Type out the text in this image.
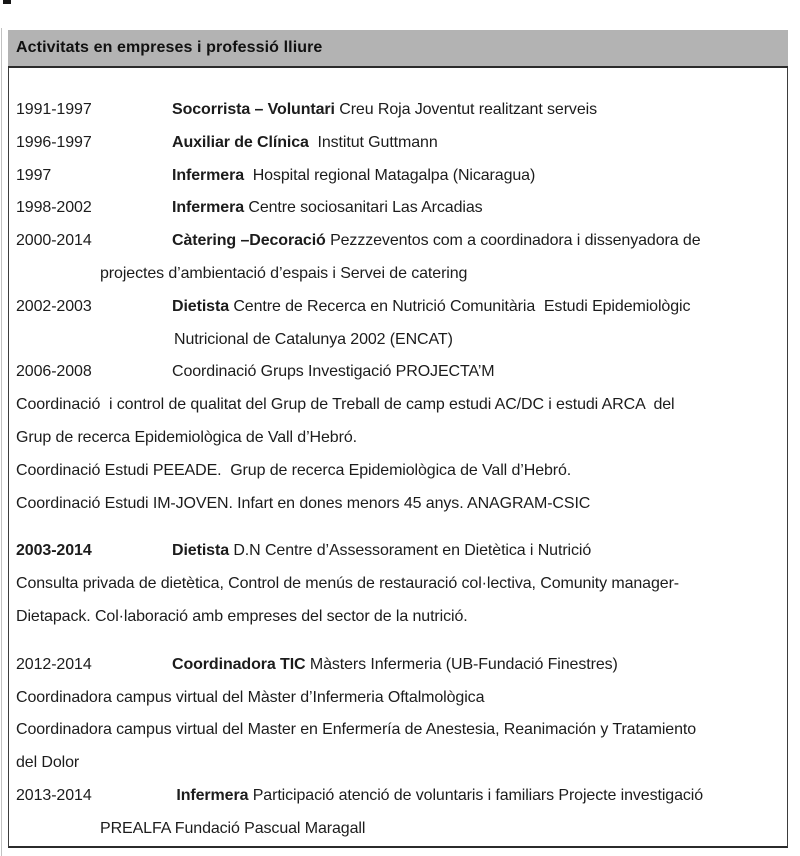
Activitats en empreses i professió lliure
1991-1997	Socorrista – Voluntari Creu Roja Joventut realitzant serveis
1996-1997	Auxiliar de Clínica  Institut Guttmann
1997	Infermera  Hospital regional Matagalpa (Nicaragua)
1998-2002	Infermera Centre sociosanitari Las Arcadias
2000-2014	Càtering –Decoració Pezzzeventos com a coordinadora i dissenyadora de
projectes d’ambientació d’espais i Servei de catering
2002-2003	Dietista Centre de Recerca en Nutrició Comunitària  Estudi Epidemiològic
Nutricional de Catalunya 2002 (ENCAT)
2006-2008	Coordinació Grups Investigació PROJECTA’M
Coordinació  i control de qualitat del Grup de Treball de camp estudi AC/DC i estudi ARCA  del
Grup de recerca Epidemiològica de Vall d’Hebró.
Coordinació Estudi PEEADE.  Grup de recerca Epidemiològica de Vall d’Hebró.
Coordinació Estudi IM-JOVEN. Infart en dones menors 45 anys. ANAGRAM-CSIC
2003-2014	Dietista D.N Centre d’Assessorament en Dietètica i Nutrició
Consulta privada de dietètica, Control de menús de restauració col·lectiva, Comunity manager-
Dietapack. Col·laboració amb empreses del sector de la nutrició.
2012-2014	Coordinadora TIC Màsters Infermeria (UB-Fundació Finestres)
Coordinadora campus virtual del Màster d’Infermeria Oftalmològica
Coordinadora campus virtual del Master en Enfermería de Anestesia, Reanimación y Tratamiento
del Dolor
2013-2014	Infermera Participació atenció de voluntaris i familiars Projecte investigació
PREALFA Fundació Pascual Maragall
